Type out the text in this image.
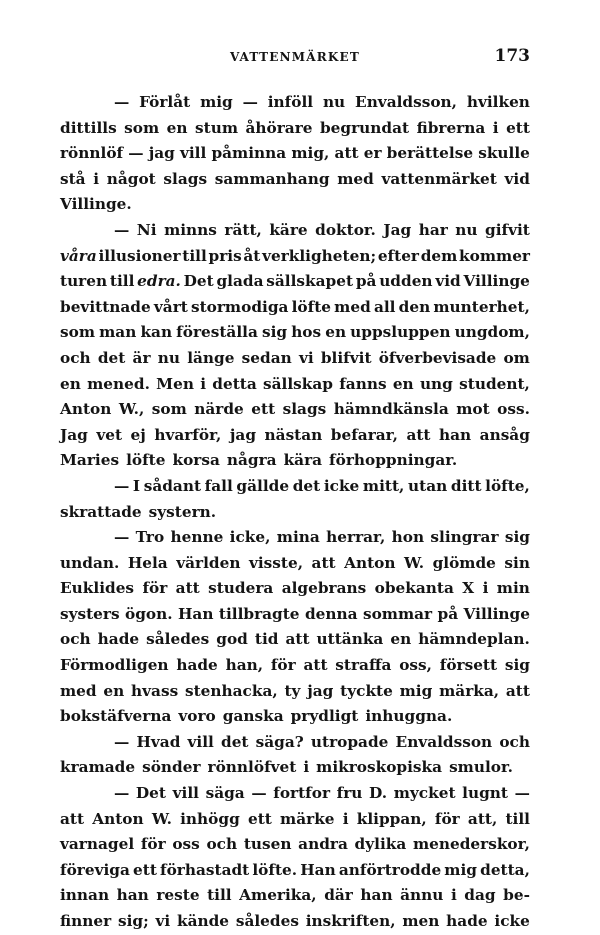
VATTENMÄRKET	173
— Förlåt mig — inföll nu Envaldsson, hvilken
dittills som en stum åhörare begrundat fibrerna i ett
rönnlöf — jag vill påminna mig, att er berättelse skulle
stå i något slags sammanhang med vattenmärket vid
Villinge.
— Ni minns rätt, käre doktor. Jag har nu gifvit
våra illusioner till pris åt verkligheten; efter dem kommer
turen till edra. Det glada sällskapet på udden vid Villinge
bevittnade vårt stormodiga löfte med all den munterhet,
som man kan föreställa sig hos en uppsluppen ungdom,
och det är nu länge sedan vi blifvit öfverbevisade om
en mened. Men i detta sällskap fanns en ung student,
Anton W., som närde ett slags hämndkänsla mot oss.
Jag vet ej hvarför, jag nästan befarar, att han ansåg
Maries löfte korsa några kära förhoppningar.
— I sådant fall gällde det icke mitt, utan ditt löfte,
skrattade systern.
— Tro henne icke, mina herrar, hon slingrar sig
undan. Hela världen visste, att Anton W. glömde sin
Euklides för att studera algebrans obekanta X i min
systers ögon. Han tillbragte denna sommar på Villinge
och hade således god tid att uttänka en hämndeplan.
Förmodligen hade han, för att straffa oss, försett sig
med en hvass stenhacka, ty jag tyckte mig märka, att
bokstäfverna voro ganska prydligt inhuggna.
— Hvad vill det säga? utropade Envaldsson och
kramade sönder rönnlöfvet i mikroskopiska smulor.
— Det vill säga — fortfor fru D. mycket lugnt —
att Anton W. inhögg ett märke i klippan, för att, till
varnagel för oss och tusen andra dylika menederskor,
föreviga ett förhastadt löfte. Han anförtrodde mig detta,
innan han reste till Amerika, där han ännu i dag be-
finner sig; vi kände således inskriften, men hade icke
